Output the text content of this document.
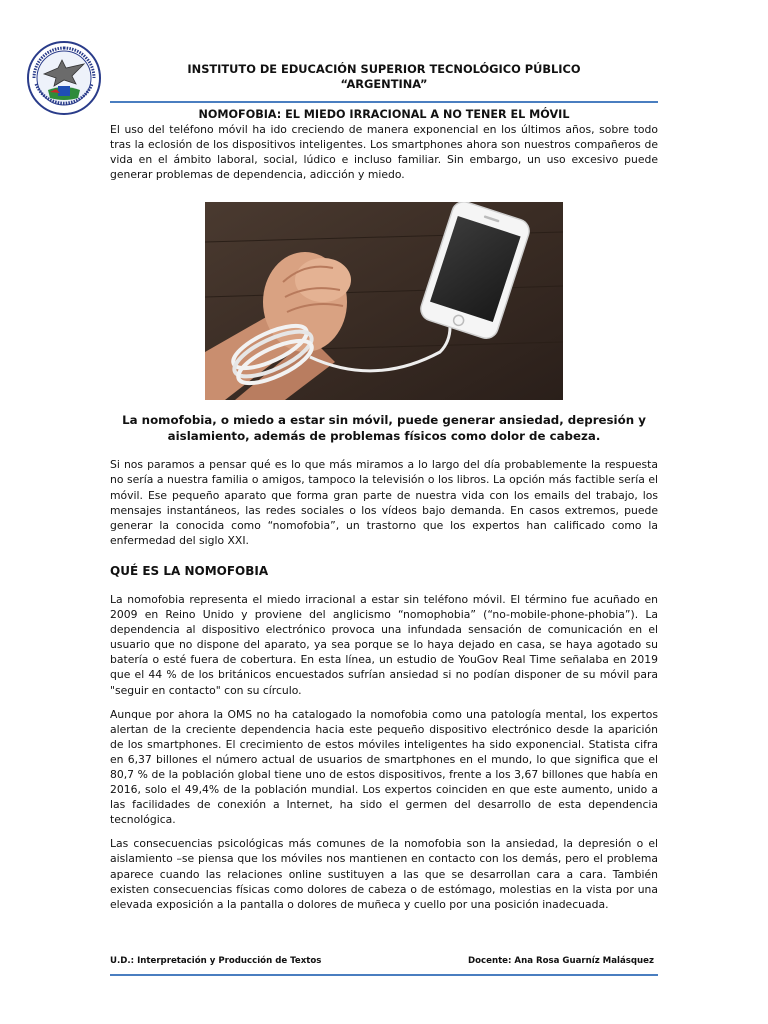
INSTITUTO DE EDUCACIÓN SUPERIOR TECNOLÓGICO PÚBLICO
“ARGENTINA”
NOMOFOBIA: EL MIEDO IRRACIONAL A NO TENER EL MÓVIL

El uso del teléfono móvil ha ido creciendo de manera exponencial en los últimos años, sobre todo tras la eclosión de los dispositivos inteligentes. Los smartphones ahora son nuestros compañeros de vida en el ámbito laboral, social, lúdico e incluso familiar. Sin embargo, un uso excesivo puede generar problemas de dependencia, adicción y miedo.

La nomofobia, o miedo a estar sin móvil, puede generar ansiedad, depresión y aislamiento, además de problemas físicos como dolor de cabeza.

Si nos paramos a pensar qué es lo que más miramos a lo largo del día probablemente la respuesta no sería a nuestra familia o amigos, tampoco la televisión o los libros. La opción más factible sería el móvil. Ese pequeño aparato que forma gran parte de nuestra vida con los emails del trabajo, los mensajes instantáneos, las redes sociales o los vídeos bajo demanda. En casos extremos, puede generar la conocida como “nomofobia”, un trastorno que los expertos han calificado como la enfermedad del siglo XXI.

QUÉ ES LA NOMOFOBIA

La nomofobia representa el miedo irracional a estar sin teléfono móvil. El término fue acuñado en 2009 en Reino Unido y proviene del anglicismo “nomophobia” (“no-mobile-phone-phobia”). La dependencia al dispositivo electrónico provoca una infundada sensación de comunicación en el usuario que no dispone del aparato, ya sea porque se lo haya dejado en casa, se haya agotado su batería o esté fuera de cobertura. En esta línea, un estudio de YouGov Real Time señalaba en 2019 que el 44 % de los británicos encuestados sufrían ansiedad si no podían disponer de su móvil para "seguir en contacto" con su círculo.

Aunque por ahora la OMS no ha catalogado la nomofobia como una patología mental, los expertos alertan de la creciente dependencia hacia este pequeño dispositivo electrónico desde la aparición de los smartphones. El crecimiento de estos móviles inteligentes ha sido exponencial. Statista cifra en 6,37 billones el número actual de usuarios de smartphones en el mundo, lo que significa que el 80,7 % de la población global tiene uno de estos dispositivos, frente a los 3,67 billones que había en 2016, solo el 49,4% de la población mundial. Los expertos coinciden en que este aumento, unido a las facilidades de conexión a Internet, ha sido el germen del desarrollo de esta dependencia tecnológica.

Las consecuencias psicológicas más comunes de la nomofobia son la ansiedad, la depresión o el aislamiento –se piensa que los móviles nos mantienen en contacto con los demás, pero el problema aparece cuando las relaciones online sustituyen a las que se desarrollan cara a cara. También existen consecuencias físicas como dolores de cabeza o de estómago, molestias en la vista por una elevada exposición a la pantalla o dolores de muñeca y cuello por una posición inadecuada.

U.D.: Interpretación y Producción de Textos	Docente: Ana Rosa Guarníz Malásquez
